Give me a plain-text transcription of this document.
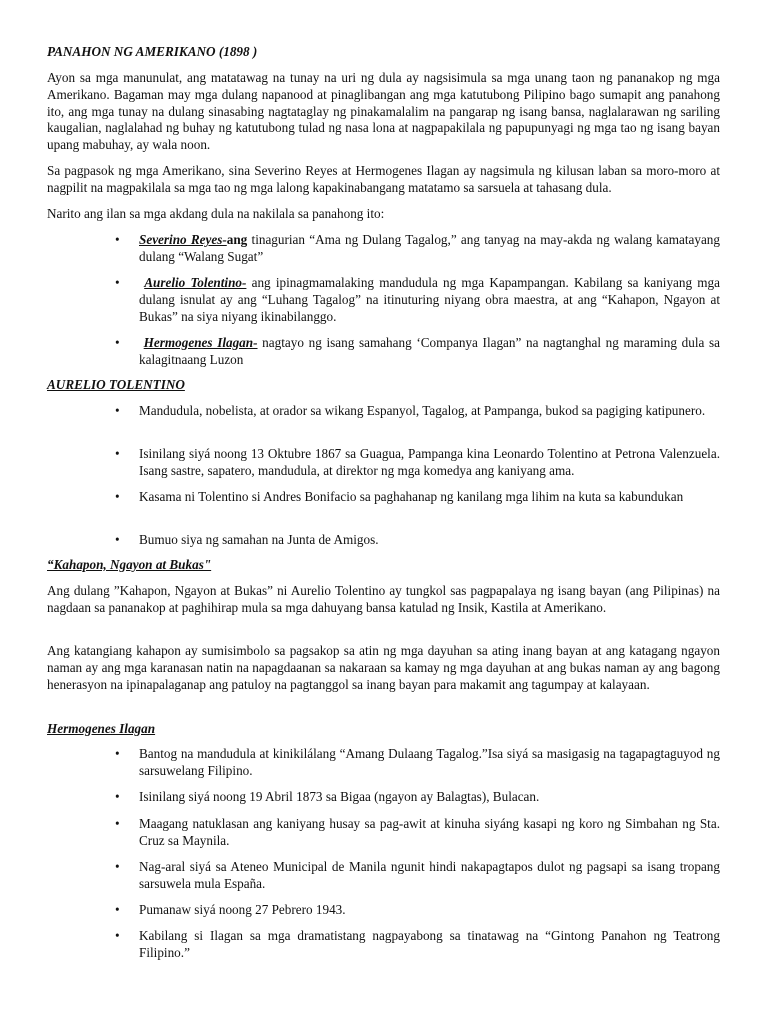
PANAHON NG AMERIKANO (1898 )

Ayon sa mga manunulat, ang matatawag na tunay na uri ng dula ay nagsisimula sa mga unang taon ng pananakop ng mga Amerikano. Bagaman may mga dulang napanood at pinaglibangan ang mga katutubong Pilipino bago sumapit ang panahong ito, ang mga tunay na dulang sinasabing nagtataglay ng pinakamalalim na pangarap ng isang bansa, naglalarawan ng sariling kaugalian, naglalahad ng buhay ng katutubong tulad ng nasa lona at nagpapakilala ng papupunyagi ng mga tao ng isang bayan upang mabuhay, ay wala noon.

Sa pagpasok ng mga Amerikano, sina Severino Reyes at Hermogenes Ilagan ay nagsimula ng kilusan laban sa moro-moro at nagpilit na magpakilala sa mga tao ng mga lalong kapakinabangang matatamo sa sarsuela at tahasang dula.

Narito ang ilan sa mga akdang dula na nakilala sa panahong ito:

•	Severino Reyes-ang tinagurian “Ama ng Dulang Tagalog,” ang tanyag na may-akda ng walang kamatayang dulang “Walang Sugat”
•	Aurelio Tolentino- ang ipinagmamalaking mandudula ng mga Kapampangan. Kabilang sa kaniyang mga dulang isnulat ay ang “Luhang Tagalog” na itinuturing niyang obra maestra, at ang “Kahapon, Ngayon at Bukas” na siya niyang ikinabilanggo.
•	Hermogenes Ilagan- nagtayo ng isang samahang ‘Companya Ilagan” na nagtanghal ng maraming dula sa kalagitnaang Luzon

AURELIO TOLENTINO

•	Mandudula, nobelista, at orador sa wikang Espanyol, Tagalog, at Pampanga, bukod sa pagiging katipunero.
•	Isinilang siyá noong 13 Oktubre 1867 sa Guagua, Pampanga kina Leonardo Tolentino at Petrona Valenzuela. Isang sastre, sapatero, mandudula, at direktor ng mga komedya ang kaniyang ama.
•	Kasama ni Tolentino si Andres Bonifacio sa paghahanap ng kanilang mga lihim na kuta sa kabundukan
•	Bumuo siya ng samahan na Junta de Amigos.

“Kahapon, Ngayon at Bukas"

Ang dulang ”Kahapon, Ngayon at Bukas” ni Aurelio Tolentino ay tungkol sas pagpapalaya ng isang bayan (ang Pilipinas) na nagdaan sa pananakop at paghihirap mula sa mga dahuyang bansa katulad ng Insik, Kastila at Amerikano.

Ang katangiang kahapon ay sumisimbolo sa pagsakop sa atin ng mga dayuhan sa ating inang bayan at ang katagang ngayon naman ay ang mga karanasan natin na napagdaanan sa nakaraan sa kamay ng mga dayuhan at ang bukas naman ay ang bagong henerasyon na ipinapalaganap ang patuloy na pagtanggol sa inang bayan para makamit ang tagumpay at kalayaan.

Hermogenes Ilagan

•	Bantog na mandudula at kinikilálang “Amang Dulaang Tagalog.”Isa siyá sa masigasig na tagapagtaguyod ng sarsuwelang Filipino.
•	Isinilang siyá noong 19 Abril 1873 sa Bigaa (ngayon ay Balagtas), Bulacan.
•	Maagang natuklasan ang kaniyang husay sa pag-awit at kinuha siyáng kasapi ng koro ng Simbahan ng Sta. Cruz sa Maynila.
•	Nag-aral siyá sa Ateneo Municipal de Manila ngunit hindi nakapagtapos dulot ng pagsapi sa isang tropang sarsuwela mula España.
•	Pumanaw siyá noong 27 Pebrero 1943.
•	Kabilang si Ilagan sa mga dramatistang nagpayabong sa tinatawag na “Gintong Panahon ng Teatrong Filipino.”
